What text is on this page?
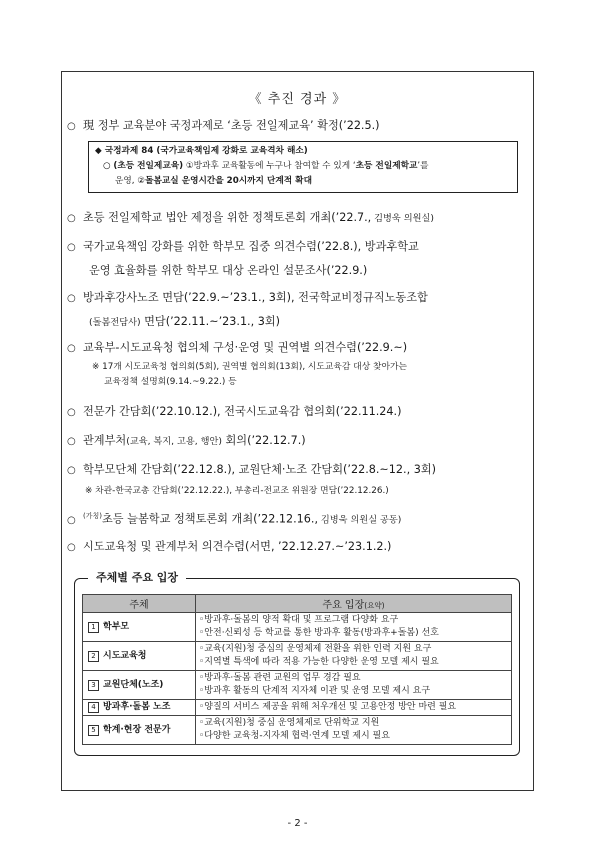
《 추진 경과 》
○ 現 정부 교육분야 국정과제로 ‘초등 전일제교육’ 확정(’22.5.)
◆ 국정과제 84 (국가교육책임제 강화로 교육격차 해소)
○ (초등 전일제교육) ①방과후 교육활동에 누구나 참여할 수 있게 ‘초등 전일제학교’를
운영, ②돌봄교실 운영시간을 20시까지 단계적 확대
○ 초등 전일제학교 법안 제정을 위한 정책토론회 개최(’22.7., 김병욱 의원실)
○ 국가교육책임 강화를 위한 학부모 집중 의견수렴(’22.8.), 방과후학교
운영 효율화를 위한 학부모 대상 온라인 설문조사(’22.9.)
○ 방과후강사노조 면담(’22.9.~’23.1., 3회), 전국학교비정규직노동조합
(돌봄전담사) 면담(’22.11.~’23.1., 3회)
○ 교육부-시도교육청 협의체 구성·운영 및 권역별 의견수렴(’22.9.~)
※ 17개 시도교육청 협의회(5회), 권역별 협의회(13회), 시도교육감 대상 찾아가는
교육정책 설명회(9.14.~9.22.) 등
○ 전문가 간담회(’22.10.12.), 전국시도교육감 협의회(’22.11.24.)
○ 관계부처(교육, 복지, 고용, 행안) 회의(’22.12.7.)
○ 학부모단체 간담회(’22.12.8.), 교원단체·노조 간담회(’22.8.~12., 3회)
※ 차관-한국교총 간담회(’22.12.22.), 부총리-전교조 위원장 면담(’22.12.26.)
○ $^{(가칭)}$초등 늘봄학교 정책토론회 개최(’22.12.16., 김병욱 의원실 공동)
○ 시도교육청 및 관계부처 의견수렴(서면, ’22.12.27.~’23.1.2.)
주체별 주요 입장
주체	주요 입장(요약)
1 학부모	◦방과후·돌봄의 양적 확대 및 프로그램 다양화 요구
◦안전·신뢰성 등 학교를 통한 방과후 활동(방과후+돌봄) 선호

2 시도교육청	◦교육(지원)청 중심의 운영체제 전환을 위한 인력 지원 요구
◦지역별 특색에 따라 적용 가능한 다양한 운영 모델 제시 필요

3 교원단체(노조)	◦방과후·돌봄 관련 교원의 업무 경감 필요
◦방과후 활동의 단계적 지자체 이관 및 운영 모델 제시 요구

4 방과후·돌봄 노조	◦양질의 서비스 제공을 위해 처우개선 및 고용안정 방안 마련 필요

5 학계·현장 전문가	◦교육(지원)청 중심 운영체제로 단위학교 지원
◦다양한 교육청-지자체 협력·연계 모델 제시 필요
- 2 -
